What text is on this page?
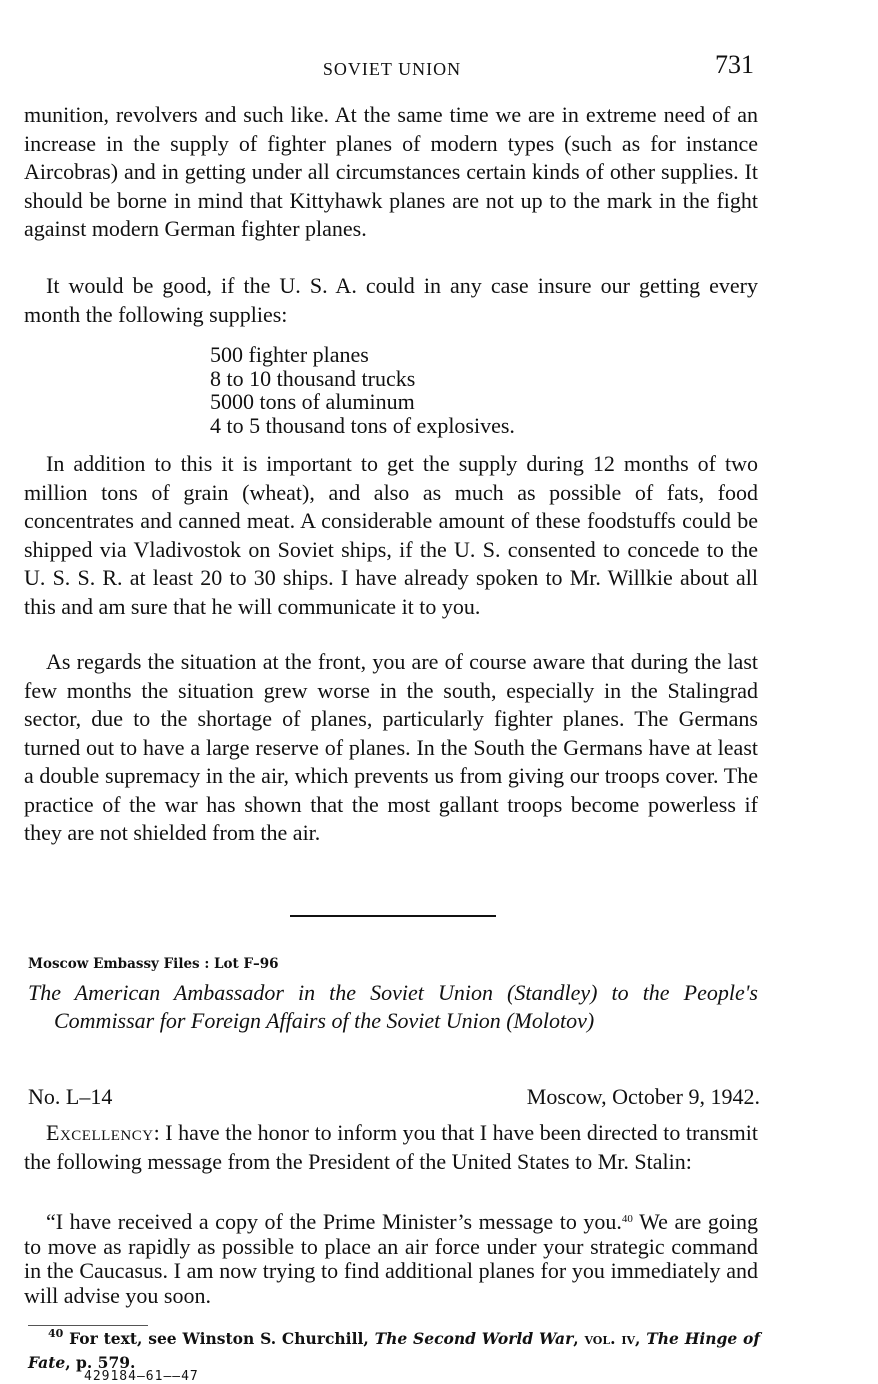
SOVIET UNION	731

munition, revolvers and such like. At the same time we are in extreme need of an increase in the supply of fighter planes of modern types (such as for instance Aircobras) and in getting under all circumstances certain kinds of other supplies. It should be borne in mind that Kittyhawk planes are not up to the mark in the fight against modern German fighter planes.

It would be good, if the U. S. A. could in any case insure our getting every month the following supplies:

500 fighter planes
8 to 10 thousand trucks
5000 tons of aluminum
4 to 5 thousand tons of explosives.

In addition to this it is important to get the supply during 12 months of two million tons of grain (wheat), and also as much as possible of fats, food concentrates and canned meat. A considerable amount of these foodstuffs could be shipped via Vladivostok on Soviet ships, if the U. S. consented to concede to the U. S. S. R. at least 20 to 30 ships. I have already spoken to Mr. Willkie about all this and am sure that he will communicate it to you.

As regards the situation at the front, you are of course aware that during the last few months the situation grew worse in the south, especially in the Stalingrad sector, due to the shortage of planes, particularly fighter planes. The Germans turned out to have a large reserve of planes. In the South the Germans have at least a double supremacy in the air, which prevents us from giving our troops cover. The practice of the war has shown that the most gallant troops become powerless if they are not shielded from the air.

Moscow Embassy Files : Lot F–96

The American Ambassador in the Soviet Union (Standley) to the People's Commissar for Foreign Affairs of the Soviet Union (Molotov)

No. L–14	Moscow, October 9, 1942.

Excellency: I have the honor to inform you that I have been directed to transmit the following message from the President of the United States to Mr. Stalin:

“I have received a copy of the Prime Minister’s message to you.$^{40}$ We are going to move as rapidly as possible to place an air force under your strategic command in the Caucasus. I am now trying to find additional planes for you immediately and will advise you soon.

$^{40}$ For text, see Winston S. Churchill, The Second World War, vol. iv, The Hinge of Fate, p. 579.

429184—61——47
